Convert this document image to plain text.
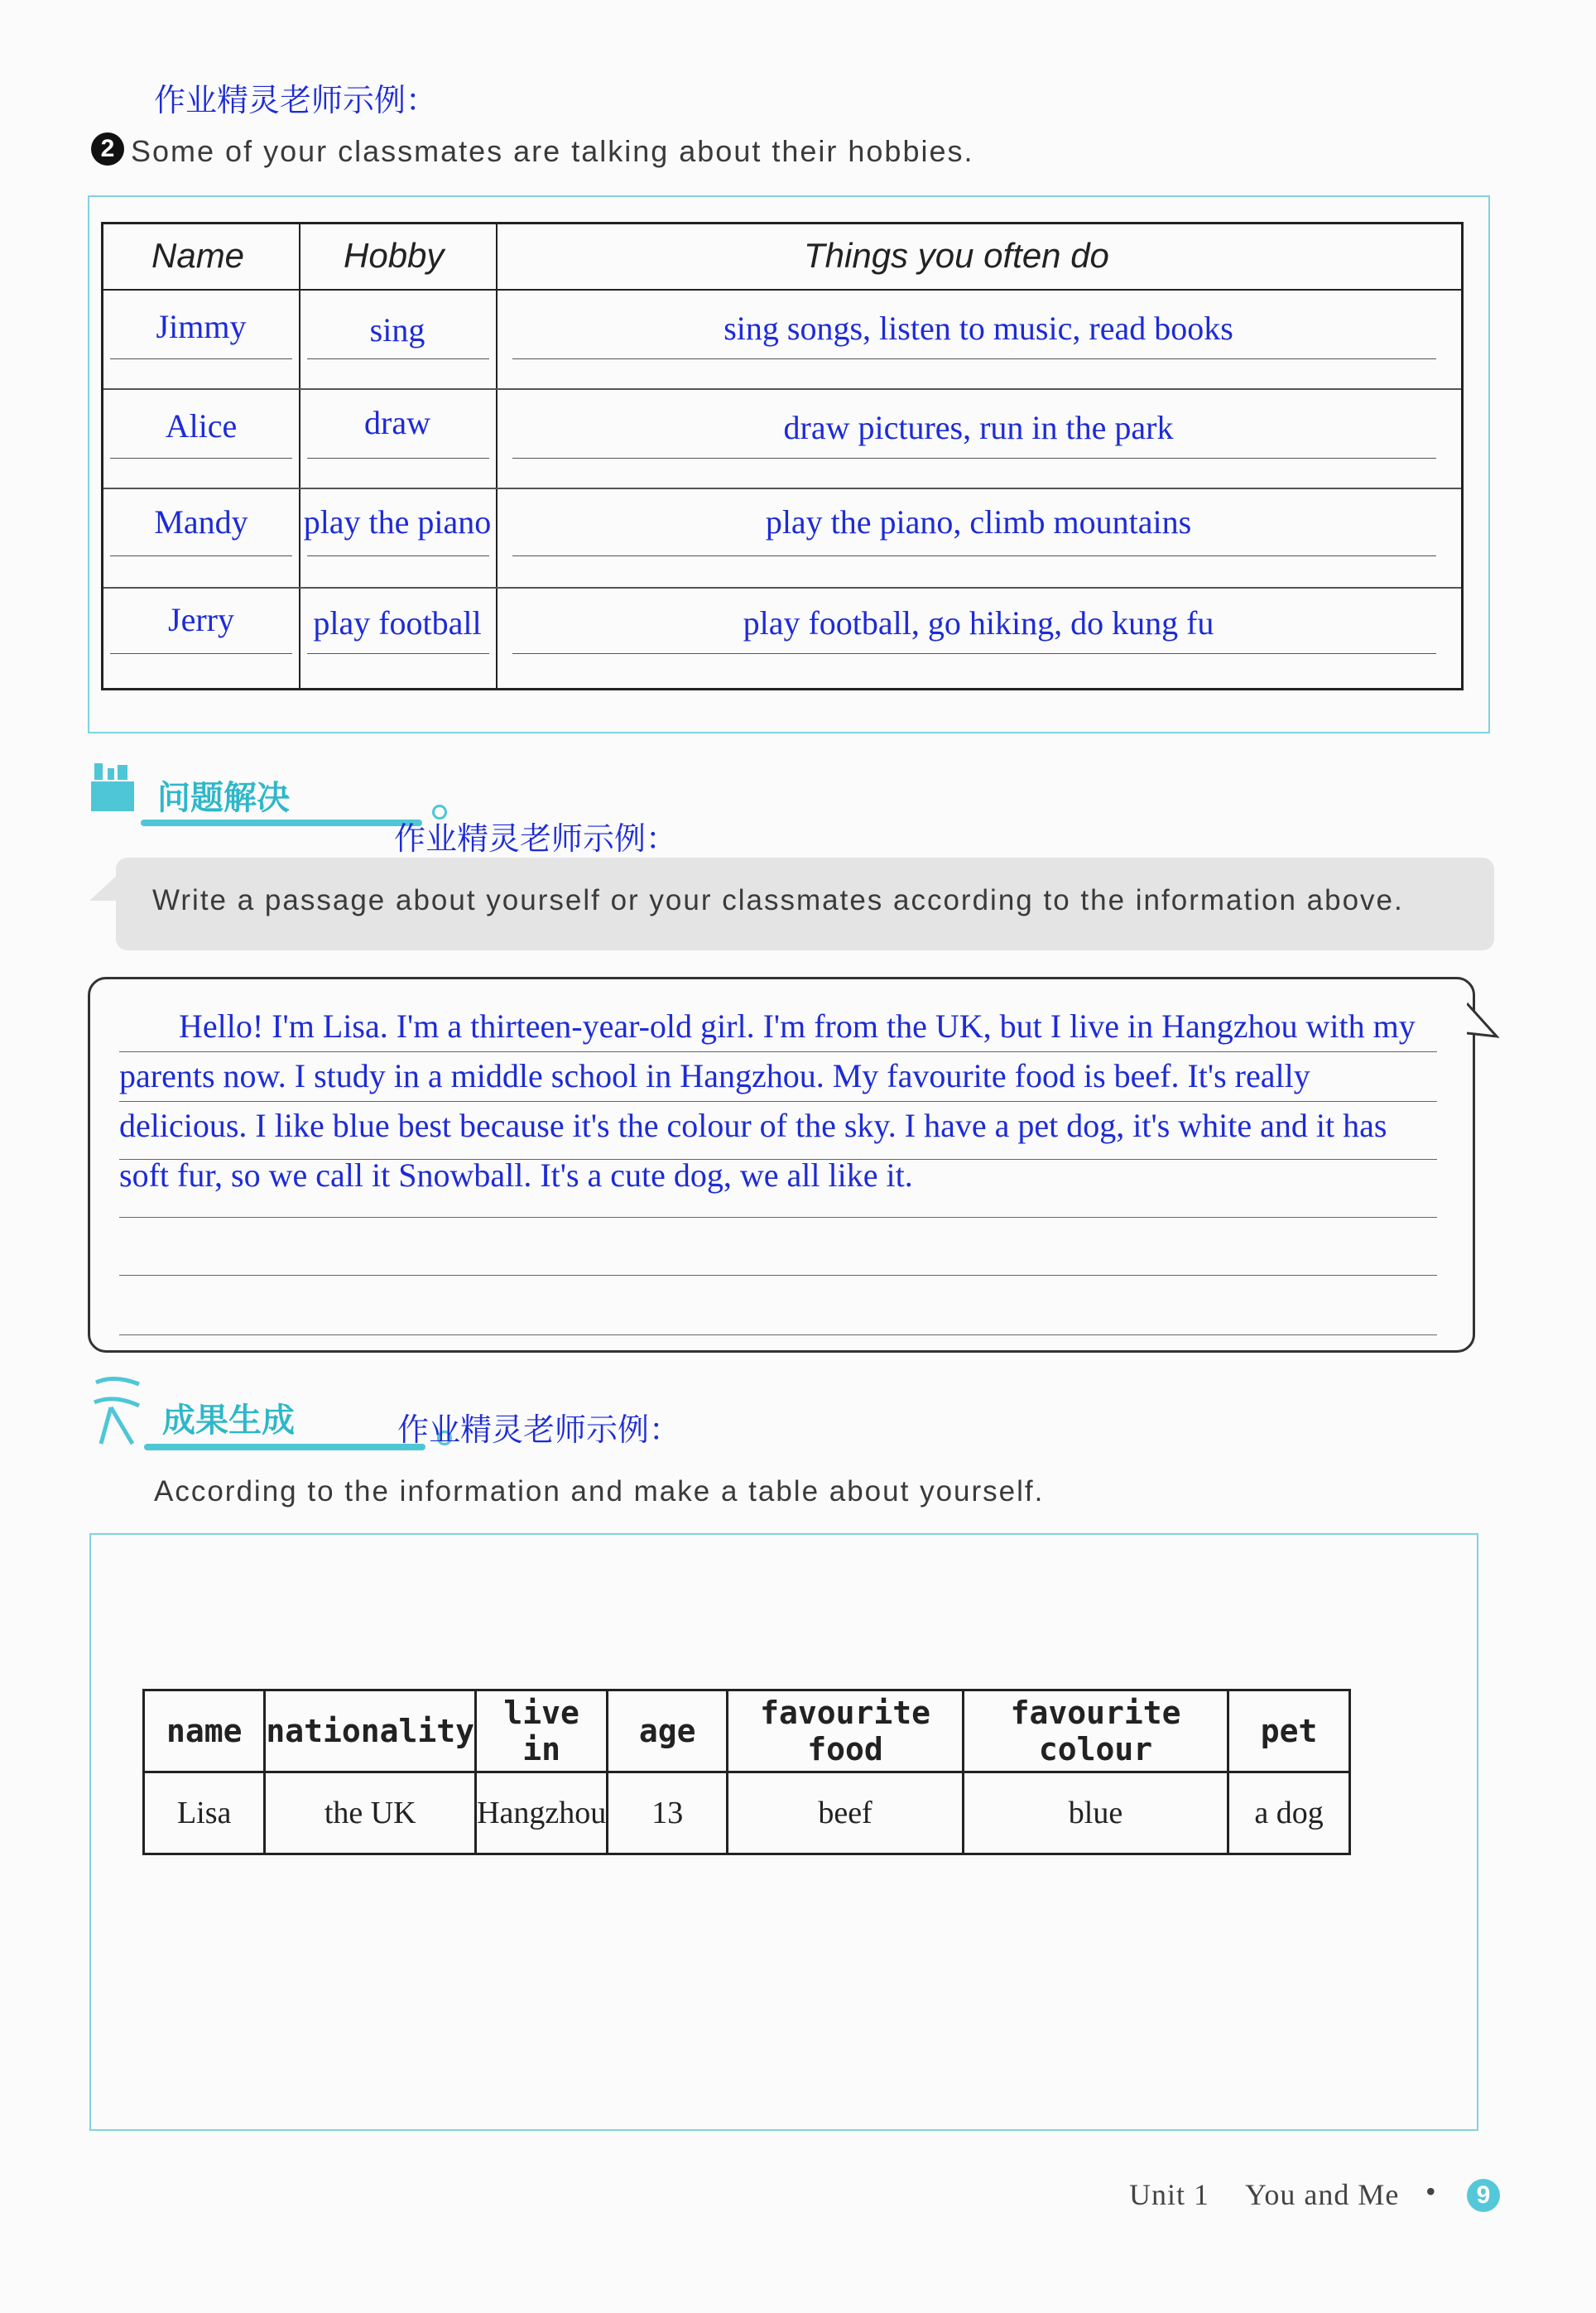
作业精灵老师示例：
2 Some of your classmates are talking about their hobbies.
Name	Hobby	Things you often do
Jimmy	sing	sing songs, listen to music, read books
Alice	draw	draw pictures, run in the park
Mandy	play the piano	play the piano, climb mountains
Jerry	play football	play football, go hiking, do kung fu
问题解决
作业精灵老师示例：
Write a passage about yourself or your classmates according to the information above.
Hello! I'm Lisa. I'm a thirteen-year-old girl. I'm from the UK, but I live in Hangzhou with my parents now. I study in a middle school in Hangzhou. My favourite food is beef. It's really delicious. I like blue best because it's the colour of the sky. I have a pet dog, it's white and it has soft fur, so we call it Snowball. It's a cute dog, we all like it.
成果生成	作业精灵老师示例：
According to the information and make a table about yourself.
name	nationality	live in	age	favourite food	favourite colour	pet
Lisa	the UK	Hangzhou	13	beef	blue	a dog
Unit 1 You and Me •	9
